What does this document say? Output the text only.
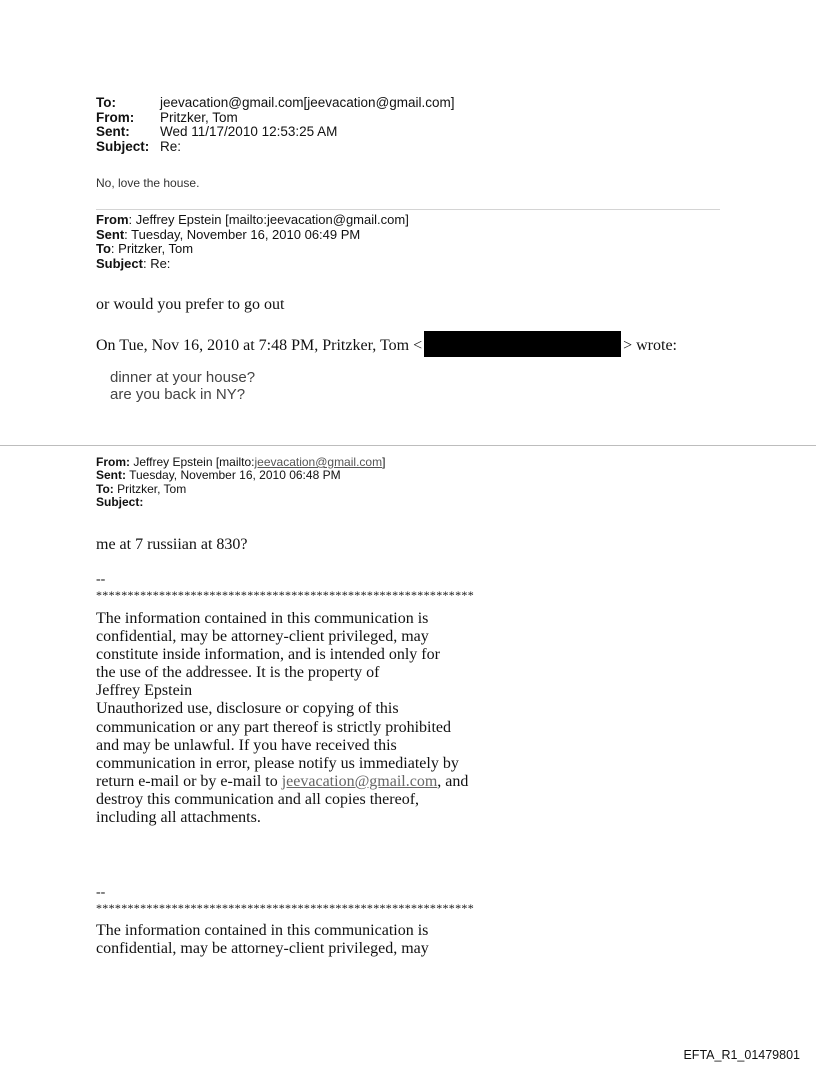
To:	jeevacation@gmail.com[jeevacation@gmail.com]
From:	Pritzker, Tom
Sent:	Wed 11/17/2010 12:53:25 AM
Subject: Re:
No, love the house.
From: Jeffrey Epstein [mailto:jeevacation@gmail.com]
Sent: Tuesday, November 16, 2010 06:49 PM
To: Pritzker, Tom
Subject: Re:
or would you prefer to go out
On Tue, Nov 16, 2010 at 7:48 PM, Pritzker, Tom <	> wrote:
dinner at your house?
are you back in NY?
From: Jeffrey Epstein [mailto:jeevacation@gmail.com]
Sent: Tuesday, November 16, 2010 06:48 PM
To: Pritzker, Tom
Subject:
me at 7 russiian at 830?
--
************************************************************
The information contained in this communication is
confidential, may be attorney-client privileged, may
constitute inside information, and is intended only for
the use of the addressee. It is the property of
Jeffrey Epstein
Unauthorized use, disclosure or copying of this
communication or any part thereof is strictly prohibited
and may be unlawful. If you have received this
communication in error, please notify us immediately by
return e-mail or by e-mail to jeevacation@gmail.com, and
destroy this communication and all copies thereof,
including all attachments.
--
************************************************************
The information contained in this communication is
confidential, may be attorney-client privileged, may
EFTA_R1_01479801
